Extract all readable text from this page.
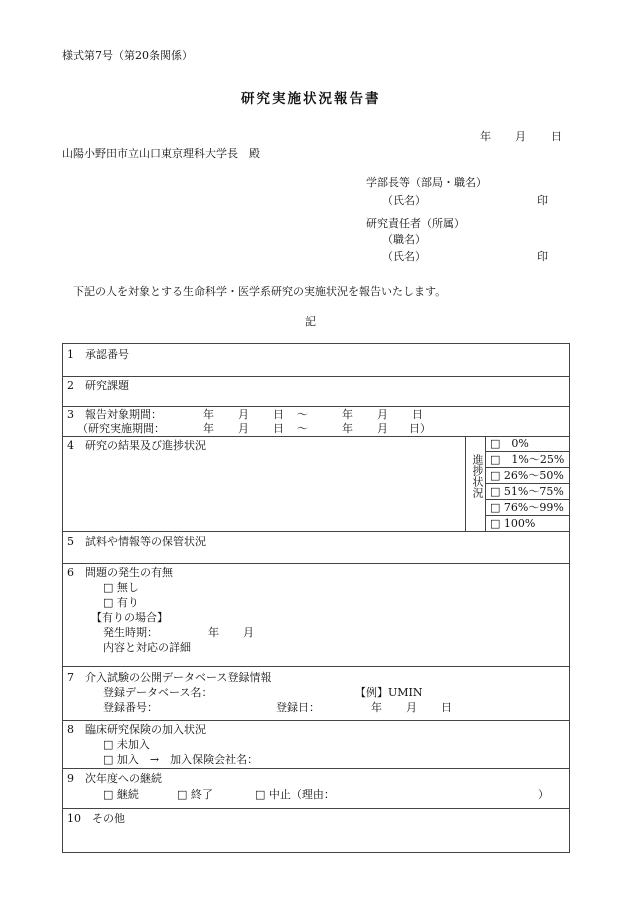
様式第7号（第20条関係）
研究実施状況報告書
年 月 日
山陽小野田市立山口東京理科大学長　殿
学部長等（部局・職名）
（氏名）	印
研究責任者（所属）
（職名）
（氏名）	印
下記の人を対象とする生命科学・医学系研究の実施状況を報告いたします。
記
1　承認番号
2　研究課題
3　報告対象期間：	年 月 日 ～	年 月 日
（研究実施期間：	年 月 日 ～	年 月 日）
4　研究の結果及び進捗状況
進捗状況
□　0%
□　1%～25%
□ 26%～50%
□ 51%～75%
□ 76%～99%
□ 100%
5　試料や情報等の保管状況
6　問題の発生の有無
□ 無し
□ 有り
【有りの場合】
発生時期：	年 月
内容と対応の詳細
7　介入試験の公開データベース登録情報
登録データベース名：	【例】UMIN
登録番号：	登録日：	年 月 日
8　臨床研究保険の加入状況
□ 未加入
□ 加入　→　加入保険会社名：
9　次年度への継続
□ 継続	□ 終了	□ 中止（理由：	）
10　その他
